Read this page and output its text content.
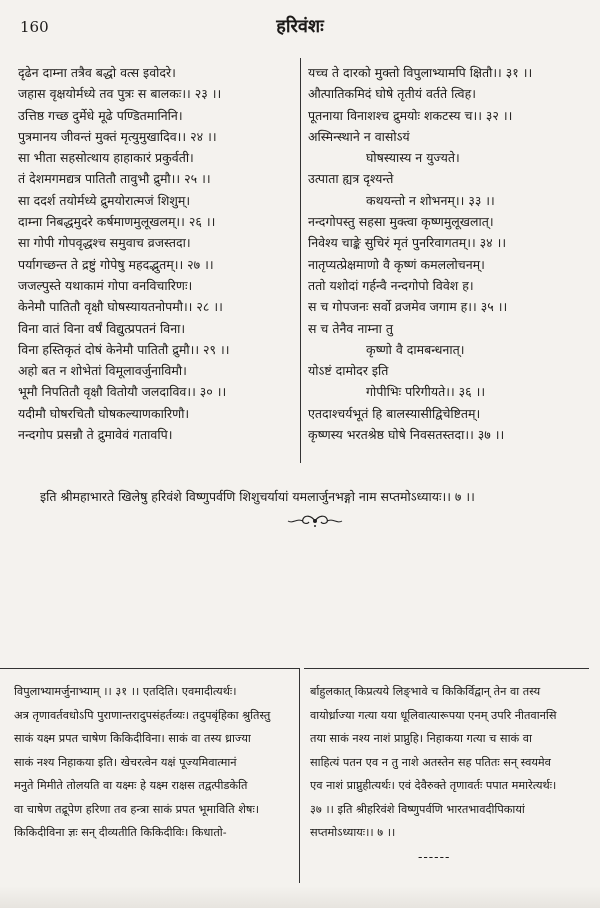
160	हरिवंशः
दृढेन दाम्ना तत्रैव बद्धो वत्स इवोदरे।
जहास वृक्षयोर्मध्ये तव पुत्रः स बालकः।। २३ ।।
उत्तिष्ठ गच्छ दुर्मेधे मूढे पण्डितमानिनि।
पुत्रमानय जीवन्तं मुक्तं मृत्युमुखादिव।। २४ ।।
सा भीता सहसोत्थाय हाहाकारं प्रकुर्वती।
तं देशमगमद्यत्र पातितौ तावुभौ द्रुमौ।। २५ ।।
सा ददर्श तयोर्मध्ये द्रुमयोरात्मजं शिशुम्।
दाम्ना निबद्धमुदरे कर्षमाणमुलूखलम्।। २६ ।।
सा गोपी गोपवृद्धश्च समुवाच व्रजस्तदा।
पर्यागच्छन्त ते द्रष्टुं गोपेषु महदद्भुतम्।। २७ ।।
जजल्पुस्ते यथाकामं गोपा वनविचारिणः।
केनेमौ पातितौ वृक्षौ घोषस्यायतनोपमौ।। २८ ।।
विना वातं विना वर्षं विद्युत्प्रपतनं विना।
विना हस्तिकृतं दोषं केनेमौ पातितौ द्रुमौ।। २९ ।।
अहो बत न शोभेतां विमूलावर्जुनाविमौ।
भूमौ निपतितौ वृक्षौ वितोयौ जलदाविव।। ३० ।।
यदीमौ घोषरचितौ घोषकल्याणकारिणौ।
नन्दगोप प्रसन्नौ ते द्रुमावेवं गतावपि।
यच्च ते दारको मुक्तो विपुलाभ्यामपि क्षितौ।। ३१ ।।
औत्पातिकमिदं घोषे तृतीयं वर्तते त्विह।
पूतनाया विनाशश्च द्रुमयोः शकटस्य च।। ३२ ।।
अस्मिन्स्थाने न वासोऽयं
घोषस्यास्य न युज्यते।
उत्पाता ह्यत्र दृश्यन्ते
कथयन्तो न शोभनम्।। ३३ ।।
नन्दगोपस्तु सहसा मुक्त्वा कृष्णमुलूखलात्।
निवेश्य चाङ्के सुचिरं मृतं पुनरिवागतम्।। ३४ ।।
नातृप्यत्प्रेक्षमाणो वै कृष्णं कमललोचनम्।
ततो यशोदां गर्हन्वै नन्दगोपो विवेश ह।
स च गोपजनः सर्वो व्रजमेव जगाम ह।। ३५ ।।
स च तेनैव नाम्ना तु
कृष्णो वै दामबन्धनात्।
योऽष्टं दामोदर इति
गोपीभिः परिगीयते।। ३६ ।।
एतदाश्चर्यभूतं हि बालस्यासीद्विचेष्टितम्।
कृष्णस्य भरतश्रेष्ठ घोषे निवसतस्तदा।। ३७ ।।
इति श्रीमहाभारते खिलेषु हरिवंशे विष्णुपर्वणि शिशुचर्यायां यमलार्जुनभङ्गो नाम सप्तमोऽध्यायः।। ७ ।।
विपुलाभ्यामर्जुनाभ्याम् ।। ३१ ।। एतदिति। एवमादीत्यर्थः।
अत्र तृणावर्तवधोऽपि पुराणान्तरादुपसंहर्तव्यः। तदुपबृंहिका श्रुतिस्तु
साकं यक्ष्म प्रपत चाषेण किकिदीविना। साकं वा तस्य ध्राज्या
साकं नश्य निहाकया इति। खेचरत्वेन यक्षं पूज्यमिवात्मानं
मनुते मिमीते तोलयति वा यक्ष्मः हे यक्ष्म राक्षस तद्वत्पीडकेति
वा चाषेण तद्रूपेण हरिणा तव हन्त्रा साकं प्रपत भूमाविति शेषः।
किकिदीविना ज्ञः सन् दीव्यतीति किकिदीविः। किधातो-
र्बाहुलकात् किप्रत्यये लिङ्भावे च किकिर्विद्वान् तेन वा तस्य
वायोर्ध्राज्या गत्या यया धूलिवात्यारूपया एनम् उपरि नीतवानसि
तया साकं नश्य नाशं प्राप्नुहि। निहाकया गत्या च साकं वा
साहित्यं पतन एव न तु नाशे अतस्तेन सह पतितः सन् स्वयमेव
एव नाशं प्राप्नुहीत्यर्थः। एवं देवैरुक्ते तृणावर्तः पपात ममारेत्यर्थः।
३७ ।। इति श्रीहरिवंशे विष्णुपर्वणि भारतभावदीपिकायां
सप्तमोऽध्यायः।। ७ ।।
------
